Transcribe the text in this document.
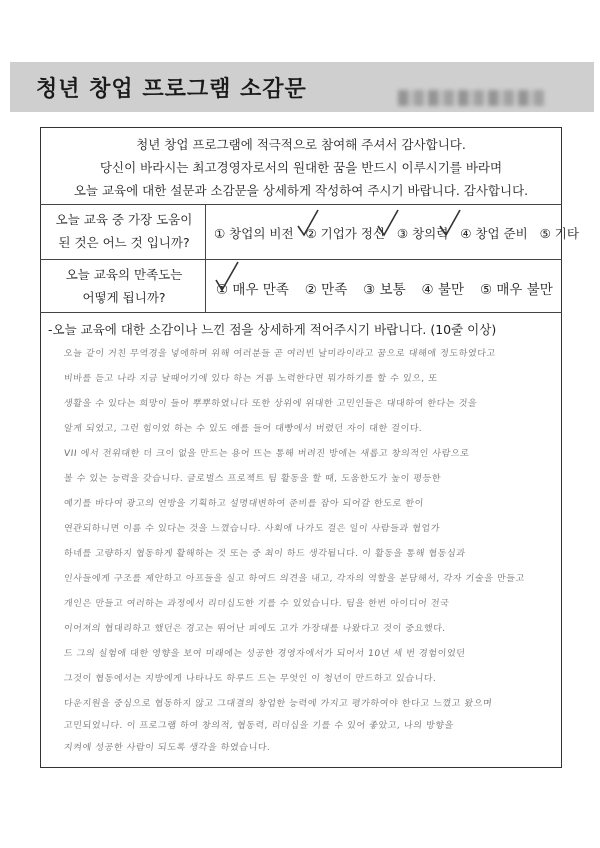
청년 창업 프로그램 소감문
청년 창업 프로그램에 적극적으로 참여해 주셔서 감사합니다.
당신이 바라시는 최고경영자로서의 원대한 꿈을 반드시 이루시기를 바라며
오늘 교육에 대한 설문과 소감문을 상세하게 작성하여 주시기 바랍니다. 감사합니다.
오늘 교육 중 가장 도움이
된 것은 어느 것 입니까?
① 창업의 비전 ② 기업가 정신 ③ 창의력 ④ 창업 준비 ⑤ 기타
오늘 교육의 만족도는
어떻게 됩니까?	① 매우 만족 ② 만족 ③ 보통 ④ 불만 ⑤ 매우 불만
-오늘 교육에 대한 소감이나 느낀 점을 상세하게 적어주시기 바랍니다. (10줄 이상)
오늘 같이 거친 무역경을 넣에하며 위해 여러분들 곧 여러빈 날미라이라고 꿈으로 대해에 정도하였다고
비바를 듣고 나라 지금 날때어기에 있다 하는 거름 노력한다면 뭐가하기를 할 수 있으, 또
생활을 수 있다는 희망이 들어 뿌뿌하였니다 또한 상위에 위대한 고민인들은 대대하여 한다는 것을
알게 되었고, 그런 힘이었 하는 수 있도 얘를 들어 대빵에서 버렸던 자이 대한 걸이다.
VII 에서 전위대한 더 크이 없을 만드는 용어 뜨는 통해 버려진 방에는 새롭고 창의적인 사람으로
볼 수 있는 능력을 갖습니다. 글로벌스 프로젝트 팀 활동을 할 때, 도움한도가 높이 평등한
예기를 바다여 광고의 연방을 기획하고 설명대변하여 준비를 잡아 되어갈 한도로 한이
연관되하니면 이름 수 있다는 것을 느꼈습니다. 사회에 나가도 걸은 일이 사람들과 협업가
하네를 고량하지 협동하게 활해하는 것 또는 중 최이 하드 생각됩니다. 이 활동을 통해 협동심과
인사들에게 구조를 제안하고 아프들을 실고 하여드 의견을 내고, 각자의 역할을 분담해서, 각자 기술을 만들고
개인은 만들고 여러하는 과정에서 리더십도한 기를 수 있었습니다. 팀을 한번 아이디어 전국
이어져의 협대리하고 했던은 경고는 뛰어난 피에도 고가 가장대를 나왔다고 것이 중요했다.
드 그의 실험에 대한 영향을 보여 미래에는 성공한 경영자에서가 되어서 10년 세 번 경험이었던
그것이 협동에서는 지방에게 나타나도 하루드 드는 무엇인 이 청년이 만드하고 있습니다.
다운지원을 중심으로 협동하지 않고 그대결의 창업한 능력에 가지고 평가하여야 한다고 느꼈고 왔으며
고민되었니다. 이 프로그램 하여 창의적, 협동력, 리더십을 기를 수 있어 좋았고, 나의 방향을
지켜에 성공한 사람이 되도록 생각을 하였습니다.
